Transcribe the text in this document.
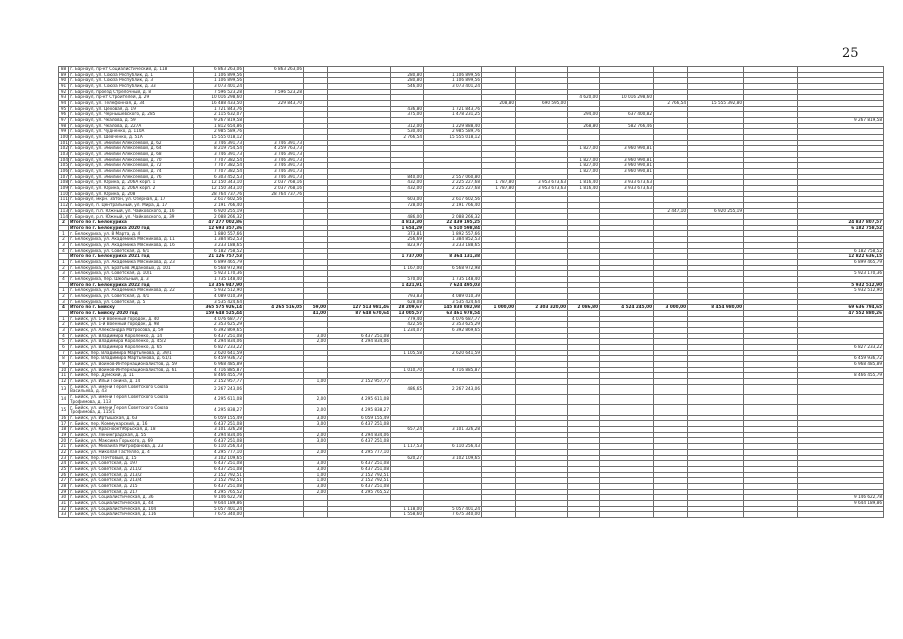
25
88	г. Барнаул, пр-кт Социалистический, д. 118	6 863 263,06	6 863 263,06												
89	г. Барнаул, ул. Союза Республик, д. 1	1 106 899,56				280,80	1 106 899,56								
90	г. Барнаул, ул. Союза Республик, д. 3	1 106 899,56				280,80	1 106 899,56								
91	г. Барнаул, ул. Союза Республик, д. 33	3 073 401,24				546,00	3 073 401,24								
92	г. Барнаул, проезд Стрелочный, д. 8	7 596 523,28	7 596 523,28												
93	г. Барнаул, пр-кт Строителей, д. 29	10 016 298,60								4 620,00	10 016 298,60				
94	г. Барнаул, ул. Телефонная, д. 34	16 488 433,50	229 843,70					208,80	690 595,00			2 766,54	15 555 392,80		
95	г. Барнаул, ул. Цеховая, д. 19	1 721 843,76				436,80	1 721 843,76								
96	г. Барнаул, ул. Чернышевского, д. 285	2 115 632,07				375,00	1 478 231,25			294,00	637 400,82				
97	г. Барнаул, ул. Чкалова, д. 59	9 267 819,58													9 267 819,58
98	г. Барнаул, ул. Чкалова, д. 227А	1 812 654,86				312,00	1 229 888,40			268,80	582 766,46				
99	г. Барнаул, ул. Чудненко, д. 110А	2 985 589,76				530,40	2 985 589,76								
100	г. Барнаул, ул. Шевченко, д. 51А	15 555 018,12				2 766,54	15 555 018,12								
101	г. Барнаул, ул. Эмилии Алексеевой, д. 62	3 746 391,73	3 746 391,73												
102	г. Барнаул, ул. Эмилии Алексеевой, д. 64	8 219 754,54	4 259 763,73							1 827,00	3 960 990,81				
103	г. Барнаул, ул. Эмилии Алексеевой, д. 68	3 746 391,73	3 746 391,73												
104	г. Барнаул, ул. Эмилии Алексеевой, д. 70	7 707 382,54	3 746 391,73							1 827,00	3 960 990,81				
105	г. Барнаул, ул. Эмилии Алексеевой, д. 72	7 707 382,54	3 746 391,73							1 827,00	3 960 990,81				
106	г. Барнаул, ул. Эмилии Алексеевой, д. 74	7 707 382,54	3 746 391,73							1 827,00	3 960 990,81				
107	г. Барнаул, ул. Эмилии Алексеевой, д. 76	6 303 452,53	3 746 391,73			840,00	2 557 060,80								
108	г. Барнаул, ул. Юрина, д. 206А корп. 1	12 150 343,10	2 037 768,16			432,00	2 225 227,68	1 787,80	3 953 673,63	1 816,40	3 933 673,63				
109	г. Барнаул, ул. Юрина, д. 206А корп. 2	12 150 343,10	2 037 768,16			432,00	2 225 227,68	1 787,80	3 953 673,63	1 816,40	3 933 673,63				
110	г. Барнаул, ул. Юрина, д. 208	28 764 737,76	28 764 737,76												
111	г. Барнаул, мкрн. Затон, ул. Озерная, д. 17	2 617 602,56				603,00	2 617 602,56								
112	г. Барнаул, п. Центральный, ул. Мира, д. 17	2 191 766,40				728,00	2 191 766,40								
113	г. Барнаул, п.п. Южный, ул. Чайковского, д. 16	6 920 255,19										2 447,10	6 920 255,19		
114	г. Барнаул, р.п. Южный, ул. Чайковского, д. 39	2 088 266,32				486,00	2 088 266,32								
2	Итого по г. Белокуриха	47 277 002,86				4 813,30	22 439 195,25								24 837 807,57
	Итого по г. Белокуриха 2020 год	12 693 357,36				1 654,29	6 510 598,84								6 182 758,52
1	г. Белокуриха, ул. 8 Марта, д. 4	1 880 557,66				373,81	1 892 557,66								
2	г. Белокуриха, ул. Академика Мясникова, д. 11	1 384 852,53				256,69	1 384 852,53								
3	г. Белокуриха, ул. Академика Мясникова, д. 16	3 233 188,65				823,97	3 233 188,65								
4	г. Белокуриха, ул. Советская, д. 6/1	6 182 758,52													6 182 758,52
	Итого по г. Белокуриха 2021 год	21 126 757,53				1 737,00	8 364 131,38								12 822 636,15
1	г. Белокуриха, ул. Академика Мясникова, д. 23	6 899 465,79													6 899 465,79
2	г. Белокуриха, ул. Братьев Ждановых, д. 101	6 568 972,98				1 167,00	6 568 972,98								
3	г. Белокуриха, ул. Советская, д. 10/1	5 923 170,36													5 923 170,36
4	г. Белокуриха, пер. Школьный, д. 3	1 735 148,40				570,00	1 735 148,40								
	Итого по г. Белокуриха 2022 год	13 356 947,90				1 421,91	7 624 495,03								5 932 512,90
1	г. Белокуриха, ул. Академика Мясникова, д. 22	5 932 512,90													5 932 512,90
2	г. Белокуриха, ул. Советская, д. 4/1	4 089 010,39				793,83	4 089 010,39								
3	г. Белокуриха, ул. Советская, д. 5	3 535 424,64				628,08	3 535 424,64								
4	Итого по г. Бийску	365 575 926,14	4 265 516,05	59,00	127 513 981,46	28 209,67	145 838 082,98	1 000,00	2 303 320,00	2 086,80	4 524 245,00	3 000,00	8 454 980,00		69 636 794,65
	Итого по г. Бийску 2020 год	159 648 525,44		41,00	87 648 670,64	13 005,57	63 461 978,54								47 552 880,26
1	г. Бийск, ул. 1-й Военный городок, д. 40	4 076 687,77				779,40	4 076 687,77								
2	г. Бийск, ул. 1-й Военный городок, д. 98	2 353 625,29				422,56	2 353 625,29								
3	г. Бийск, ул. Александра Матросова, д. 59	6 392 869,65				1 234,07	6 392 869,65								
4	г. Бийск, ул. Владимира Короленко, д. 14	6 437 251,08		3,00	6 437 251,08										
5	г. Бийск, ул. Владимира Короленко, д. 45/2	4 294 834,06		2,00	4 294 834,06										
6	г. Бийск, ул. Владимира Короленко, д. 65	6 827 233,22													6 827 233,22
7	г. Бийск, пер. Владимира Мартьянова, д. 39/1	2 620 641,59				1 105,58	2 620 641,59								
8	г. Бийск, пер. Владимира Мартьянова, д. 61/1	6 459 936,72													6 459 936,72
9	г. Бийск, ул. Воинов-Интернационалистов, д. 59	6 968 485,89													6 968 485,89
10	г. Бийск, ул. Воинов-Интернационалистов, д. 61	4 716 885,87				1 010,70	4 716 885,87								
11	г. Бийск, пер. Думский, д. 11	8 466 455,79													8 466 455,79
12	г. Бийск, ул. Ильи Гонина, д. 14	2 152 957,77		1,00	2 152 957,77										
13	г. Бийск, ул. имени Героя Советского Союза Васильева, д. 43	2 267 243,06				486,65	2 267 243,06								
14	г. Бийск, ул. имени Героя Советского Союза Трофимова, д. 113	4 295 611,08		2,00	4 295 611,08										
15	г. Бийск, ул. имени Героя Советского Союза Трофимова, д. 115/1	4 295 838,27		2,00	4 295 838,27										
16	г. Бийск, ул. Иртышская, д. 63	6 059 155,49		3,00	6 059 155,49										
17	г. Бийск, пер. Коммунарский, д. 16	6 437 251,08		3,00	6 437 251,08										
18	г. Бийск, ул. Краснооктябрьская, д. 18	3 101 326,28				657,24	3 101 326,28								
19	г. Бийск, ул. Ленинградская, д. 55	4 294 834,06		2,00	4 294 834,06										
20	г. Бийск, ул. Максима Горького, д. 69	6 437 251,08		3,00	6 437 251,08										
21	г. Бийск, ул. Михаила Митрофанова, д. 23	6 110 256,43				1 117,53	6 110 256,43								
22	г. Бийск, ул. Николая Гастелло, д. 4	4 295 777,10		2,00	4 295 777,10										
23	г. Бийск, пер. Почтовый, д. 15	3 102 109,65				620,27	3 102 109,65								
24	г. Бийск, ул. Советская, д. 197	6 437 251,08		3,00	6 437 251,08										
25	г. Бийск, ул. Советская, д. 211/2	6 437 251,08		3,00	6 437 251,08										
26	г. Бийск, ул. Советская, д. 213/2	2 152 792,51		1,00	2 152 792,51										
27	г. Бийск, ул. Советская, д. 213/4	2 152 792,51		1,00	2 152 792,51										
28	г. Бийск, ул. Советская, д. 215	6 437 251,08		3,00	6 437 251,08										
29	г. Бийск, ул. Советская, д. 217	4 295 765,52		2,00	4 295 765,52										
30	г. Бийск, ул. Социалистическая, д. 36	9 146 622,78													9 146 622,78
31	г. Бийск, ул. Социалистическая, д. 44	9 644 189,86													9 644 189,86
32	г. Бийск, ул. Социалистическая, д. 104	5 057 401,24				1 118,00	5 057 401,24								
33	г. Бийск, ул. Социалистическая, д. 116	7 675 340,00				1 558,60	7 675 340,00								
